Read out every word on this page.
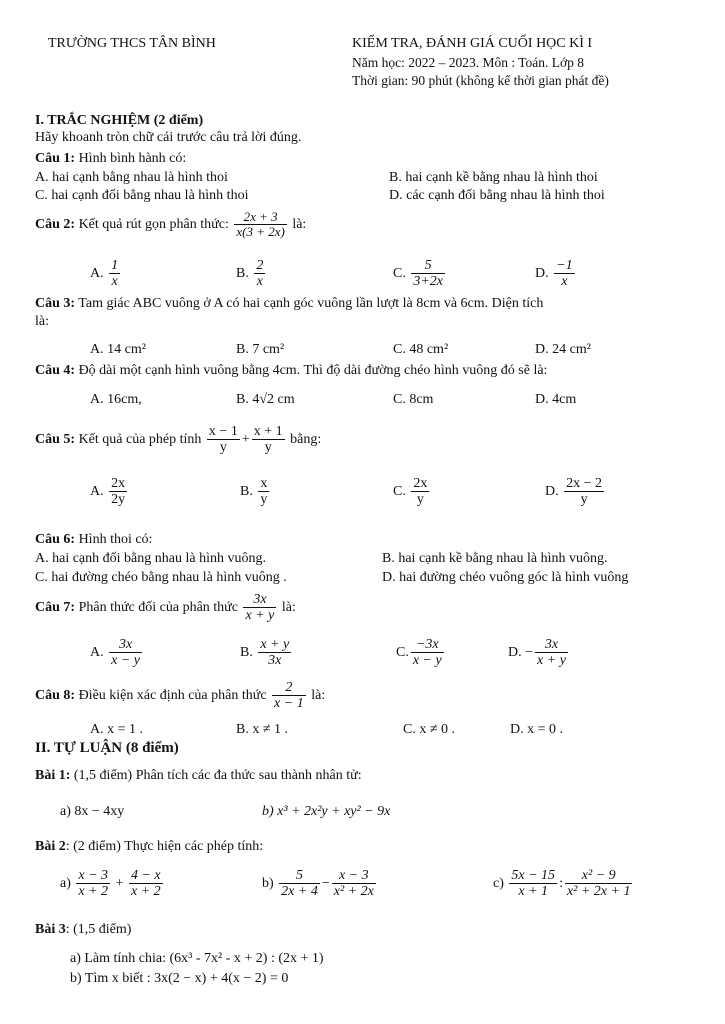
TRƯỜNG THCS TÂN BÌNH	KIỂM TRA, ĐÁNH GIÁ CUỐI HỌC KÌ I
Năm học: 2022 – 2023. Môn : Toán. Lớp 8
Thời gian: 90 phút (không kể thời gian phát đề)
I. TRẮC NGHIỆM (2 điểm)
Hãy khoanh tròn chữ cái trước câu trả lời đúng.
Câu 1: Hình bình hành có:
A. hai cạnh bằng nhau là hình thoi	B. hai cạnh kề bằng nhau là hình thoi
C. hai cạnh đối bằng nhau là hình thoi	D. các cạnh đối bằng nhau là hình thoi
Câu 2: Kết quả rút gọn phân thức: $\frac{2x + 3}{x(3 + 2x)}$ là:
A. $\frac{1}{x}$	B. $\frac{2}{x}$	C. $\frac{5}{3+2x}$	D. $\frac{-1}{x}$
Câu 3: Tam giác ABC vuông ở A có hai cạnh góc vuông lần lượt là 8cm và 6cm. Diện tích
là:
A. 14 cm²	B. 7 cm²	C. 48 cm²	D. 24 cm²
Câu 4: Độ dài một cạnh hình vuông bằng 4cm. Thì độ dài đường chéo hình vuông đó sẽ là:
A. 16cm,	B. 4√2 cm	C. 8cm	D. 4cm
Câu 5: Kết quả của phép tính $\frac{x - 1}{y} + \frac{x + 1}{y}$ bằng:
A. $\frac{2x}{2y}$	B. $\frac{x}{y}$	C. $\frac{2x}{y}$	D. $\frac{2x - 2}{y}$
Câu 6: Hình thoi có:
A. hai cạnh đối bằng nhau là hình vuông.	B. hai cạnh kề bằng nhau là hình vuông.
C. hai đường chéo bằng nhau là hình vuông .	D. hai đường chéo vuông góc là hình vuông
Câu 7: Phân thức đối của phân thức $\frac{3x}{x + y}$ là:
A. $\frac{3x}{x - y}$	B. $\frac{x + y}{3x}$	C. $\frac{-3x}{x - y}$	D. − $\frac{3x}{x + y}$
Câu 8: Điều kiện xác định của phân thức $\frac{2}{x - 1}$ là:
A. x = 1 .	B. x ≠ 1 .	C. x ≠ 0 .	D. x = 0 .
II. TỰ LUẬN (8 điểm)
Bài 1: (1,5 điểm) Phân tích các đa thức sau thành nhân tử:
a) 8x − 4xy	b) x³ + 2x²y + xy² − 9x
Bài 2: (2 điểm) Thực hiện các phép tính:
$a) \frac{x - 3}{x + 2} + \frac{4 - x}{x + 2}$	$b) \frac{5}{2x + 4} - \frac{x - 3}{\text{x² + 2x}}$	$c) \frac{5x - 15}{x + 1}$ : $\frac{\text{x² − 9}}{\text{x² + 2x + 1}}$
Bài 3: (1,5 điểm)
a) Làm tính chia: (6x³ - 7x² - x + 2) : (2x + 1)
b) Tìm x biết : 3x(2 − x) + 4(x − 2) = 0
